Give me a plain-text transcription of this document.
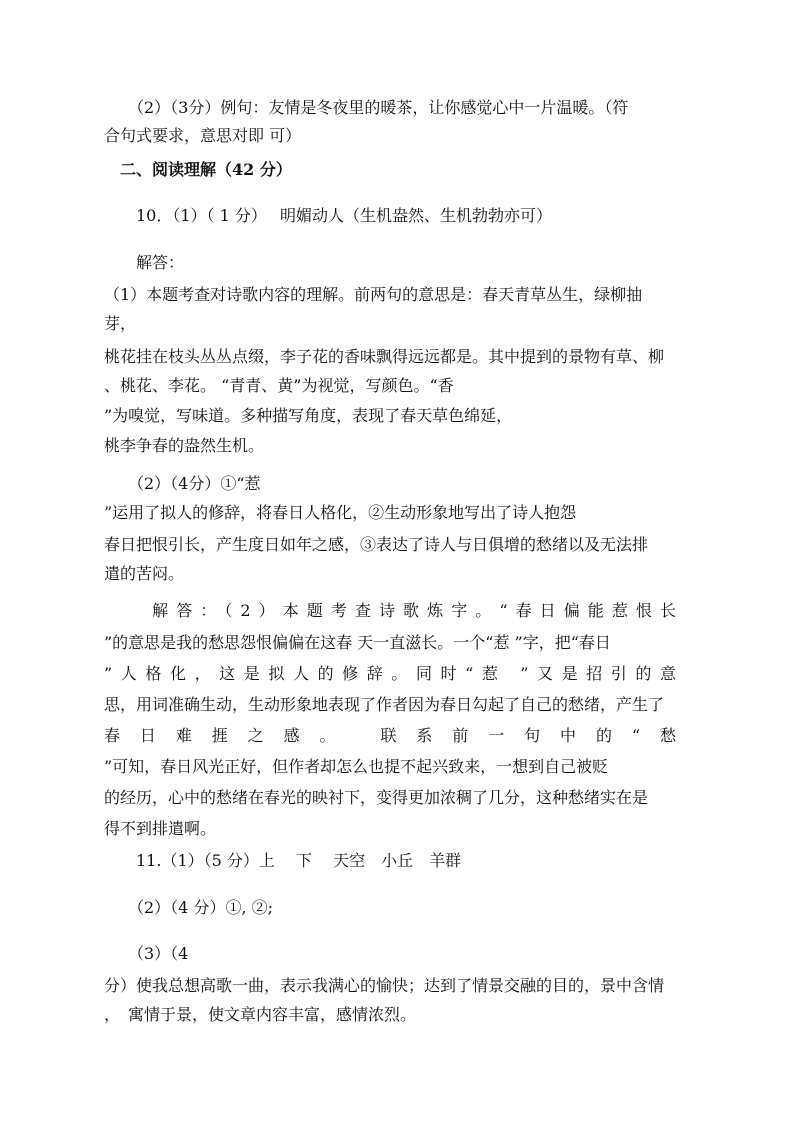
　　（2）（3分）例句：友情是冬夜里的暖茶，让你感觉心中一片温暖。（符

合句式要求，意思对即 可）

　二、阅读理解（42 分）

　　10．（1）（ 1 分）　 明媚动人（生机盎然、生机勃勃亦可）

　　解答：

（1）本题考查对诗歌内容的理解。前两句的意思是：春天青草丛生，绿柳抽

芽，

桃花挂在枝头丛丛点缀，李子花的香味飘得远远都是。其中提到的景物有草、柳

、桃花、李花。 “青青、黄”为视觉，写颜色。“香

”为嗅觉，写味道。多种描写角度，表现了春天草色绵延，

桃李争春的盎然生机。

　　（2）（4分）①“惹

”运用了拟人的修辞，将春日人格化，②生动形象地写出了诗人抱怨

春日把恨引长，产生度日如年之感，③表达了诗人与日俱增的愁绪以及无法排

遣的苦闷。

　　解答：（2）本题考查诗歌炼字。“春日偏能惹恨长

”的意思是我的愁思怨恨偏偏在这春 天一直滋长。一个“惹 ”字，把“春日

”人格化，这是拟人的修辞。同时“惹 ”又是招引的意

思，用词准确生动，生动形象地表现了作者因为春日勾起了自己的愁绪，产生了

春日难捱之感。 联系前一句中的“愁

”可知，春日风光正好，但作者却怎么也提不起兴致来，一想到自己被贬

的经历，心中的愁绪在春光的映衬下，变得更加浓稠了几分，这种愁绪实在是

得不到排遣啊。

　　11.（1）（5 分）上　 下　 天空　小丘　羊群

　　（2）（4 分）①, ②;

　　（3）（4

分）使我总想高歌一曲，表示我满心的愉快；达到了情景交融的目的，景中含情

，　寓情于景，使文章内容丰富，感情浓烈。
